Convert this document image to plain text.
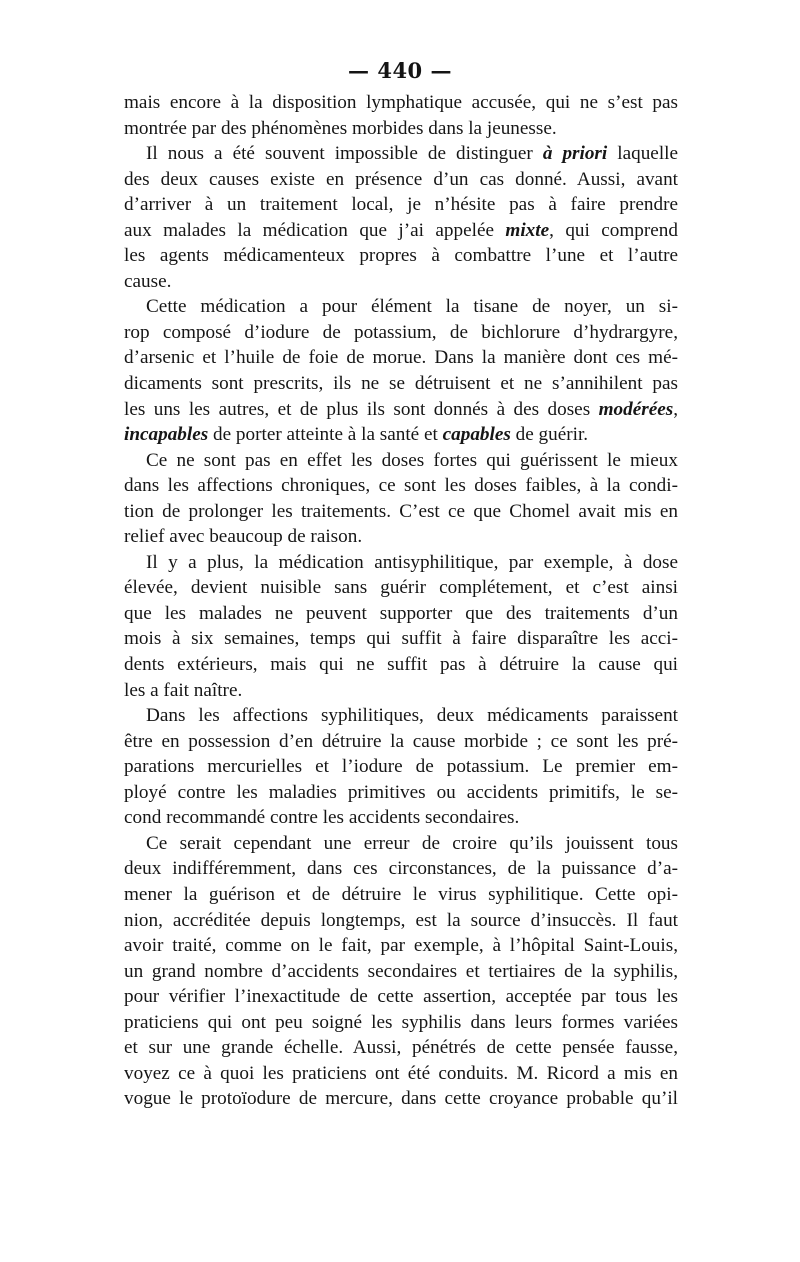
— 440 —
mais encore à la disposition lymphatique accusée, qui ne s’est pas
montrée par des phénomènes morbides dans la jeunesse.
Il nous a été souvent impossible de distinguer à priori laquelle
des deux causes existe en présence d’un cas donné. Aussi, avant
d’arriver à un traitement local, je n’hésite pas à faire prendre
aux malades la médication que j’ai appelée mixte, qui comprend
les agents médicamenteux propres à combattre l’une et l’autre
cause.
Cette médication a pour élément la tisane de noyer, un si-
rop composé d’iodure de potassium, de bichlorure d’hydrargyre,
d’arsenic et l’huile de foie de morue. Dans la manière dont ces mé-
dicaments sont prescrits, ils ne se détruisent et ne s’annihilent pas
les uns les autres, et de plus ils sont donnés à des doses modérées,
incapables de porter atteinte à la santé et capables de guérir.
Ce ne sont pas en effet les doses fortes qui guérissent le mieux
dans les affections chroniques, ce sont les doses faibles, à la condi-
tion de prolonger les traitements. C’est ce que Chomel avait mis en
relief avec beaucoup de raison.
Il y a plus, la médication antisyphilitique, par exemple, à dose
élevée, devient nuisible sans guérir complétement, et c’est ainsi
que les malades ne peuvent supporter que des traitements d’un
mois à six semaines, temps qui suffit à faire disparaître les acci-
dents extérieurs, mais qui ne suffit pas à détruire la cause qui
les a fait naître.
Dans les affections syphilitiques, deux médicaments paraissent
être en possession d’en détruire la cause morbide ; ce sont les pré-
parations mercurielles et l’iodure de potassium. Le premier em-
ployé contre les maladies primitives ou accidents primitifs, le se-
cond recommandé contre les accidents secondaires.
Ce serait cependant une erreur de croire qu’ils jouissent tous
deux indifféremment, dans ces circonstances, de la puissance d’a-
mener la guérison et de détruire le virus syphilitique. Cette opi-
nion, accréditée depuis longtemps, est la source d’insuccès. Il faut
avoir traité, comme on le fait, par exemple, à l’hôpital Saint-Louis,
un grand nombre d’accidents secondaires et tertiaires de la syphilis,
pour vérifier l’inexactitude de cette assertion, acceptée par tous les
praticiens qui ont peu soigné les syphilis dans leurs formes variées
et sur une grande échelle. Aussi, pénétrés de cette pensée fausse,
voyez ce à quoi les praticiens ont été conduits. M. Ricord a mis en
vogue le protoïodure de mercure, dans cette croyance probable qu’il
